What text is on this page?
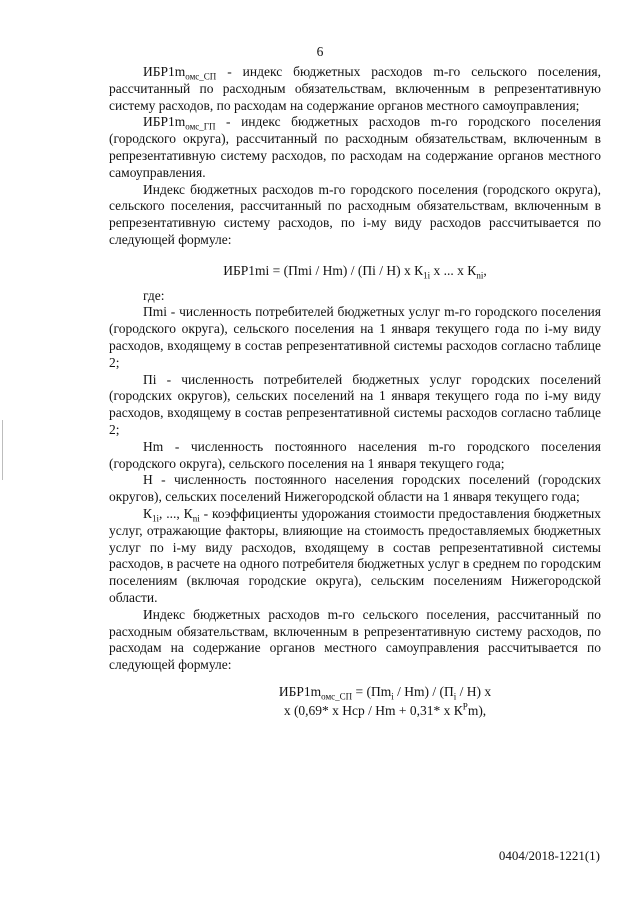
6

$ИБР1m_{омс\_СП}$ - индекс бюджетных расходов m-го сельского поселения, рассчитанный по расходным обязательствам, включенным в репрезентативную систему расходов, по расходам на содержание органов местного самоуправления;

$ИБР1m_{омс\_ГП}$ - индекс бюджетных расходов m-го городского поселения (городского округа), рассчитанный по расходным обязательствам, включенным в репрезентативную систему расходов, по расходам на содержание органов местного самоуправления.

Индекс бюджетных расходов m-го городского поселения (городского округа), сельского поселения, рассчитанный по расходным обязательствам, включенным в репрезентативную систему расходов, по i-му виду расходов рассчитывается по следующей формуле:

ИБР1mi = (Пmi / Нm) / (Пi / Н) x $К_{1i}$ x ... x $К_{ni}$,

где:

Пmi - численность потребителей бюджетных услуг m-го городского поселения (городского округа), сельского поселения на 1 января текущего года по i-му виду расходов, входящему в состав репрезентативной системы расходов согласно таблице 2;

Пi - численность потребителей бюджетных услуг городских поселений (городских округов), сельских поселений на 1 января текущего года по i-му виду расходов, входящему в состав репрезентативной системы расходов согласно таблице 2;

Нm - численность постоянного населения m-го городского поселения (городского округа), сельского поселения на 1 января текущего года;

Н - численность постоянного населения городских поселений (городских округов), сельских поселений Нижегородской области на 1 января текущего года;

$К_{1i}$, ..., $К_{ni}$ - коэффициенты удорожания стоимости предоставления бюджетных услуг, отражающие факторы, влияющие на стоимость предоставляемых бюджетных услуг по i-му виду расходов, входящему в состав репрезентативной системы расходов, в расчете на одного потребителя бюджетных услуг в среднем по городским поселениям (включая городские округа), сельским поселениям Нижегородской области.

Индекс бюджетных расходов m-го сельского поселения, рассчитанный по расходным обязательствам, включенным в репрезентативную систему расходов, по расходам на содержание органов местного самоуправления рассчитывается по следующей формуле:

$ИБР1m_{омс\_СП} = (Пm_i / Нm) / (П_i / Н)$ x
x (0,69* x Нср / Нm + 0,31* x $К^Pm$),
0404/2018-1221(1)
